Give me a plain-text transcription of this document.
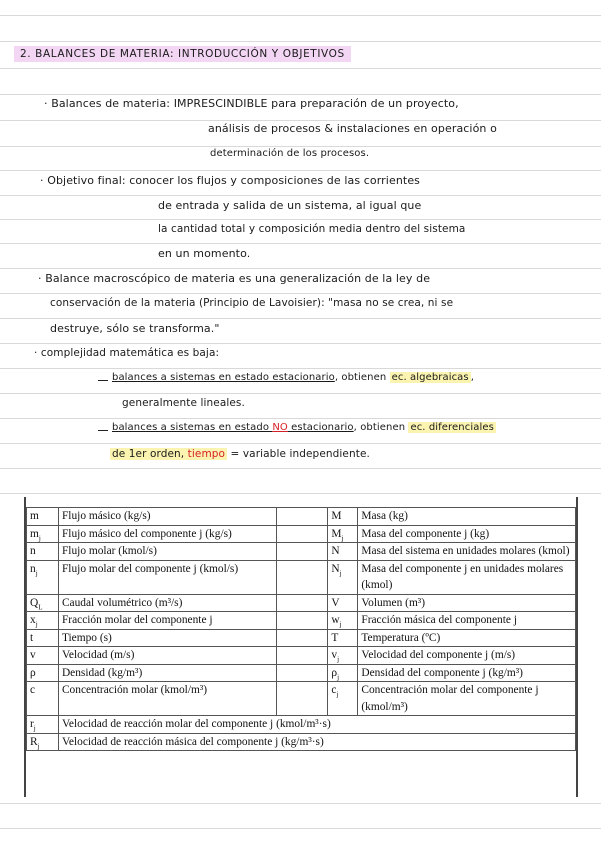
2. BALANCES DE MATERIA: INTRODUCCIÓN Y OBJETIVOS
· Balances de materia: IMPRESCINDIBLE para preparación de un proyecto,
análisis de procesos & instalaciones en operación o
determinación de los procesos.
· Objetivo final: conocer los flujos y composiciones de las corrientes
de entrada y salida de un sistema, al igual que
la cantidad total y composición media dentro del sistema
en un momento.
· Balance macroscópico de materia es una generalización de la ley de
conservación de la materia (Principio de Lavoisier): "masa no se crea, ni se
destruye, sólo se transforma."
· complejidad matemática es baja:
balances a sistemas en estado estacionario, obtienen ec. algebraicas ,
generalmente lineales.
balances a sistemas en estado NO estacionario, obtienen ec. diferenciales
de 1er orden, tiempo = variable independiente.
m	Flujo másico (kg/s)		M	Masa (kg)
$m_j$	Flujo másico del componente j (kg/s)		$M_j$	Masa del componente j (kg)
n	Flujo molar (kmol/s)		N	Masa del sistema en unidades molares (kmol)
$n_j$	Flujo molar del componente j (kmol/s)		$N_j$	Masa del componente j en unidades molares (kmol)
$Q_L$	Caudal volumétrico (m³/s)		V	Volumen (m³)
$x_j$	Fracción molar del componente j		$w_j$	Fracción másica del componente j
t	Tiempo (s)		T	Temperatura (ºC)
v	Velocidad (m/s)		$v_j$	Velocidad del componente j (m/s)
ρ	Densidad (kg/m³)		$\rho_j$	Densidad del componente j (kg/m³)
c	Concentración molar (kmol/m³)		$c_j$	Concentración molar del componente j (kmol/m³)
$r_j$	Velocidad de reacción molar del componente j (kmol/m³·s)			
$R_j$	Velocidad de reacción másica del componente j (kg/m³·s)			
